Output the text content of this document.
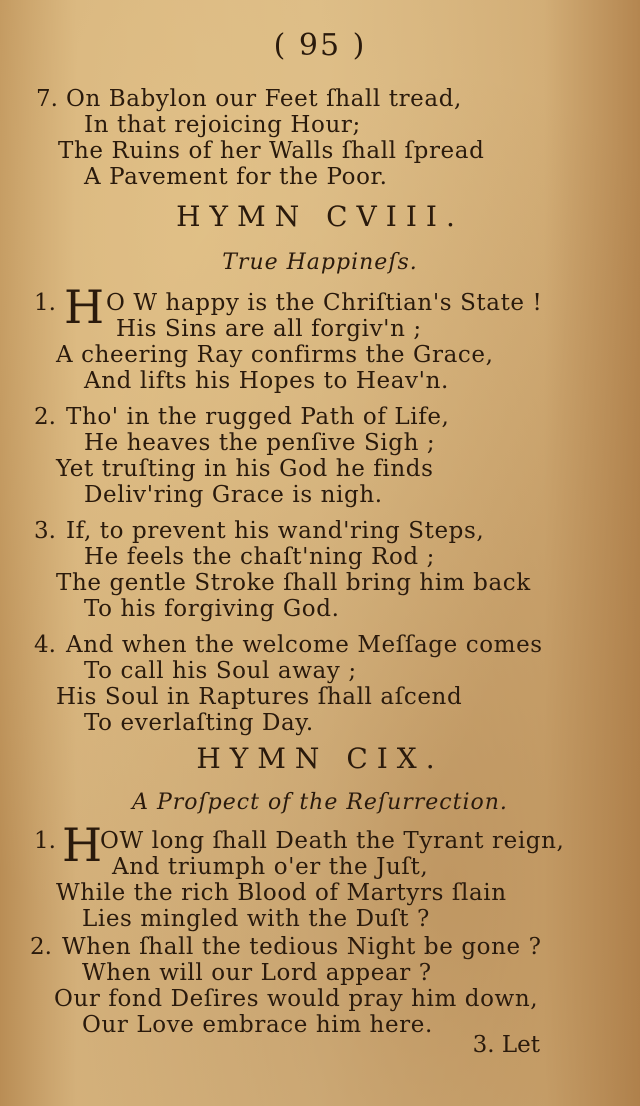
( 95 )
7. On Babylon our Feet ſhall tread,
In that rejoicing Hour;
The Ruins of her Walls ſhall ſpread
A Pavement for the Poor.
HYMN CVIII.
True Happineſs.
1. H O W happy is the Chriſtian's State !
His Sins are all forgiv'n ;
A cheering Ray confirms the Grace,
And lifts his Hopes to Heav'n.
2. Tho' in the rugged Path of Life,
He heaves the penſive Sigh ;
Yet truſting in his God he finds
Deliv'ring Grace is nigh.
3. If, to prevent his wand'ring Steps,
He feels the chaſt'ning Rod ;
The gentle Stroke ſhall bring him back
To his forgiving God.
4. And when the welcome Meſſage comes
To call his Soul away ;
His Soul in Raptures ſhall aſcend
To everlaſting Day.
HYMN CIX.
A Proſpect of the Reſurrection.
1. H
OW long ſhall Death the Tyrant reign,
And triumph o'er the Juſt,
While the rich Blood of Martyrs ſlain
Lies mingled with the Duſt ?
2. When ſhall the tedious Night be gone ?
When will our Lord appear ?
Our fond Deſires would pray him down,
Our Love embrace him here.
3. Let
